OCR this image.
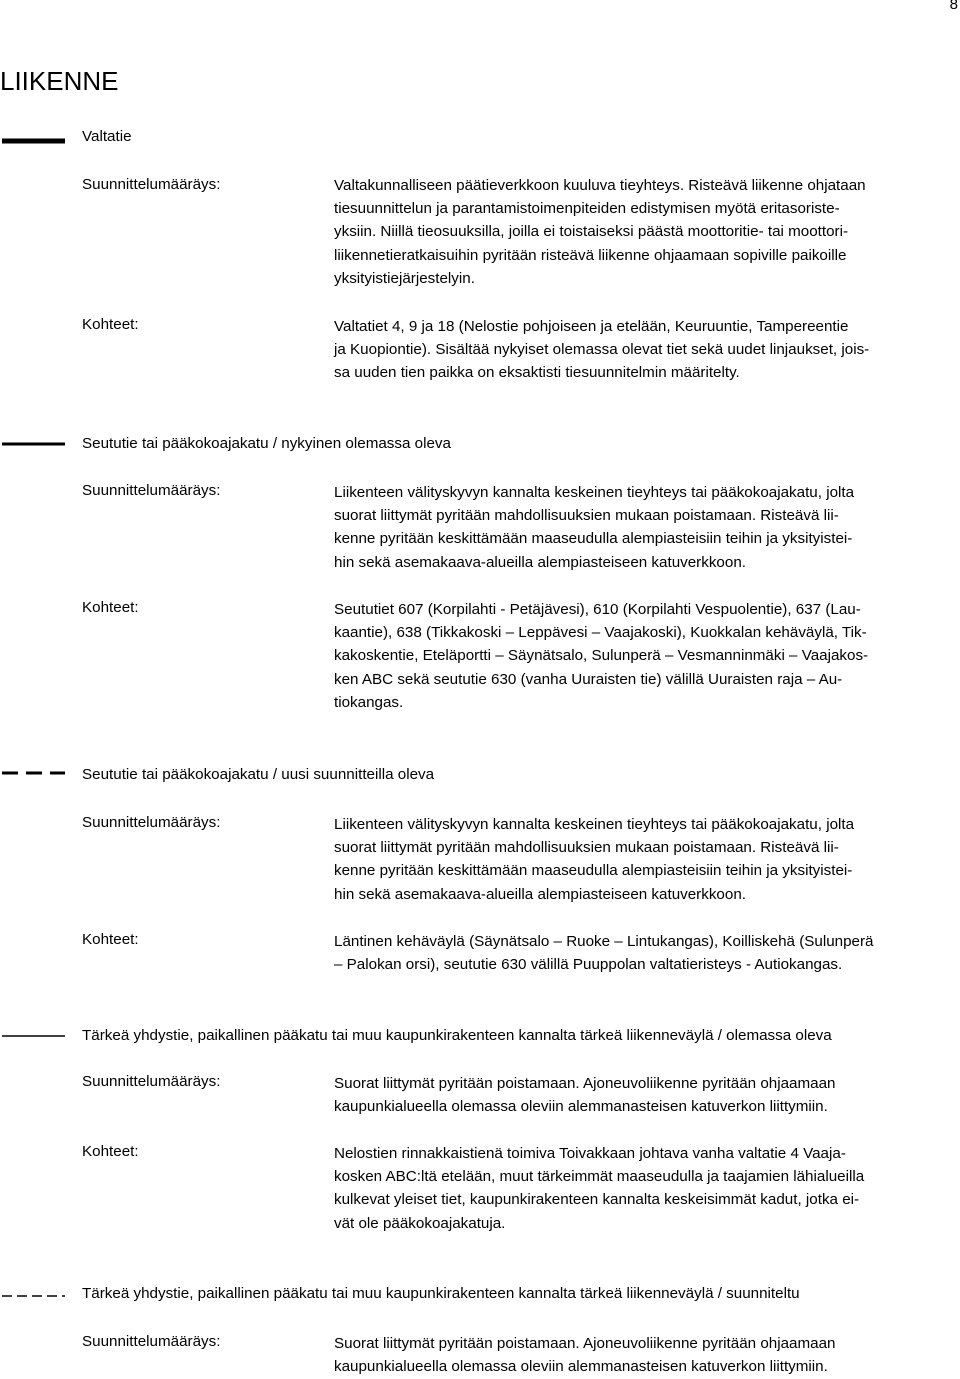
8
LIIKENNE
Valtatie
Suunnittelumääräys:	Valtakunnalliseen päätieverkkoon kuuluva tieyhteys. Risteävä liikenne ohjataan
tiesuunnittelun ja parantamistoimenpiteiden edistymisen myötä eritasoriste-
yksiin. Niillä tieosuuksilla, joilla ei toistaiseksi päästä moottoritie- tai moottori-
liikennetieratkaisuihin pyritään risteävä liikenne ohjaamaan sopiville paikoille
yksityistiejärjestelyin.
Kohteet:	Valtatiet 4, 9 ja 18 (Nelostie pohjoiseen ja etelään, Keuruuntie, Tampereentie
ja Kuopiontie). Sisältää nykyiset olemassa olevat tiet sekä uudet linjaukset, jois-
sa uuden tien paikka on eksaktisti tiesuunnitelmin määritelty.
Seututie tai pääkokoajakatu / nykyinen olemassa oleva
Suunnittelumääräys:	Liikenteen välityskyvyn kannalta keskeinen tieyhteys tai pääkokoajakatu, jolta
suorat liittymät pyritään mahdollisuuksien mukaan poistamaan. Risteävä lii-
kenne pyritään keskittämään maaseudulla alempiasteisiin teihin ja yksityistei-
hin sekä asemakaava-alueilla alempiasteiseen katuverkkoon.
Kohteet:	Seututiet 607 (Korpilahti - Petäjävesi), 610 (Korpilahti Vespuolentie), 637 (Lau-
kaantie), 638 (Tikkakoski – Leppävesi – Vaajakoski), Kuokkalan kehäväylä, Tik-
kakoskentie, Eteläportti – Säynätsalo, Sulunperä – Vesmanninmäki – Vaajakos-
ken ABC sekä seututie 630 (vanha Uuraisten tie) välillä Uuraisten raja – Au-
tiokangas.
Seututie tai pääkokoajakatu / uusi suunnitteilla oleva
Suunnittelumääräys:	Liikenteen välityskyvyn kannalta keskeinen tieyhteys tai pääkokoajakatu, jolta
suorat liittymät pyritään mahdollisuuksien mukaan poistamaan. Risteävä lii-
kenne pyritään keskittämään maaseudulla alempiasteisiin teihin ja yksityistei-
hin sekä asemakaava-alueilla alempiasteiseen katuverkkoon.
Kohteet:	Läntinen kehäväylä (Säynätsalo – Ruoke – Lintukangas), Koilliskehä (Sulunperä
– Palokan orsi), seututie 630 välillä Puuppolan valtatieristeys - Autiokangas.
Tärkeä yhdystie, paikallinen pääkatu tai muu kaupunkirakenteen kannalta tärkeä liikenneväylä / olemassa oleva
Suunnittelumääräys:	Suorat liittymät pyritään poistamaan. Ajoneuvoliikenne pyritään ohjaamaan
kaupunkialueella olemassa oleviin alemmanasteisen katuverkon liittymiin.
Kohteet:	Nelostien rinnakkaistienä toimiva Toivakkaan johtava vanha valtatie 4 Vaaja-
kosken ABC:ltä etelään, muut tärkeimmät maaseudulla ja taajamien lähialueilla
kulkevat yleiset tiet, kaupunkirakenteen kannalta keskeisimmät kadut, jotka ei-
vät ole pääkokoajakatuja.
Tärkeä yhdystie, paikallinen pääkatu tai muu kaupunkirakenteen kannalta tärkeä liikenneväylä / suunniteltu
Suunnittelumääräys:	Suorat liittymät pyritään poistamaan. Ajoneuvoliikenne pyritään ohjaamaan
kaupunkialueella olemassa oleviin alemmanasteisen katuverkon liittymiin.
